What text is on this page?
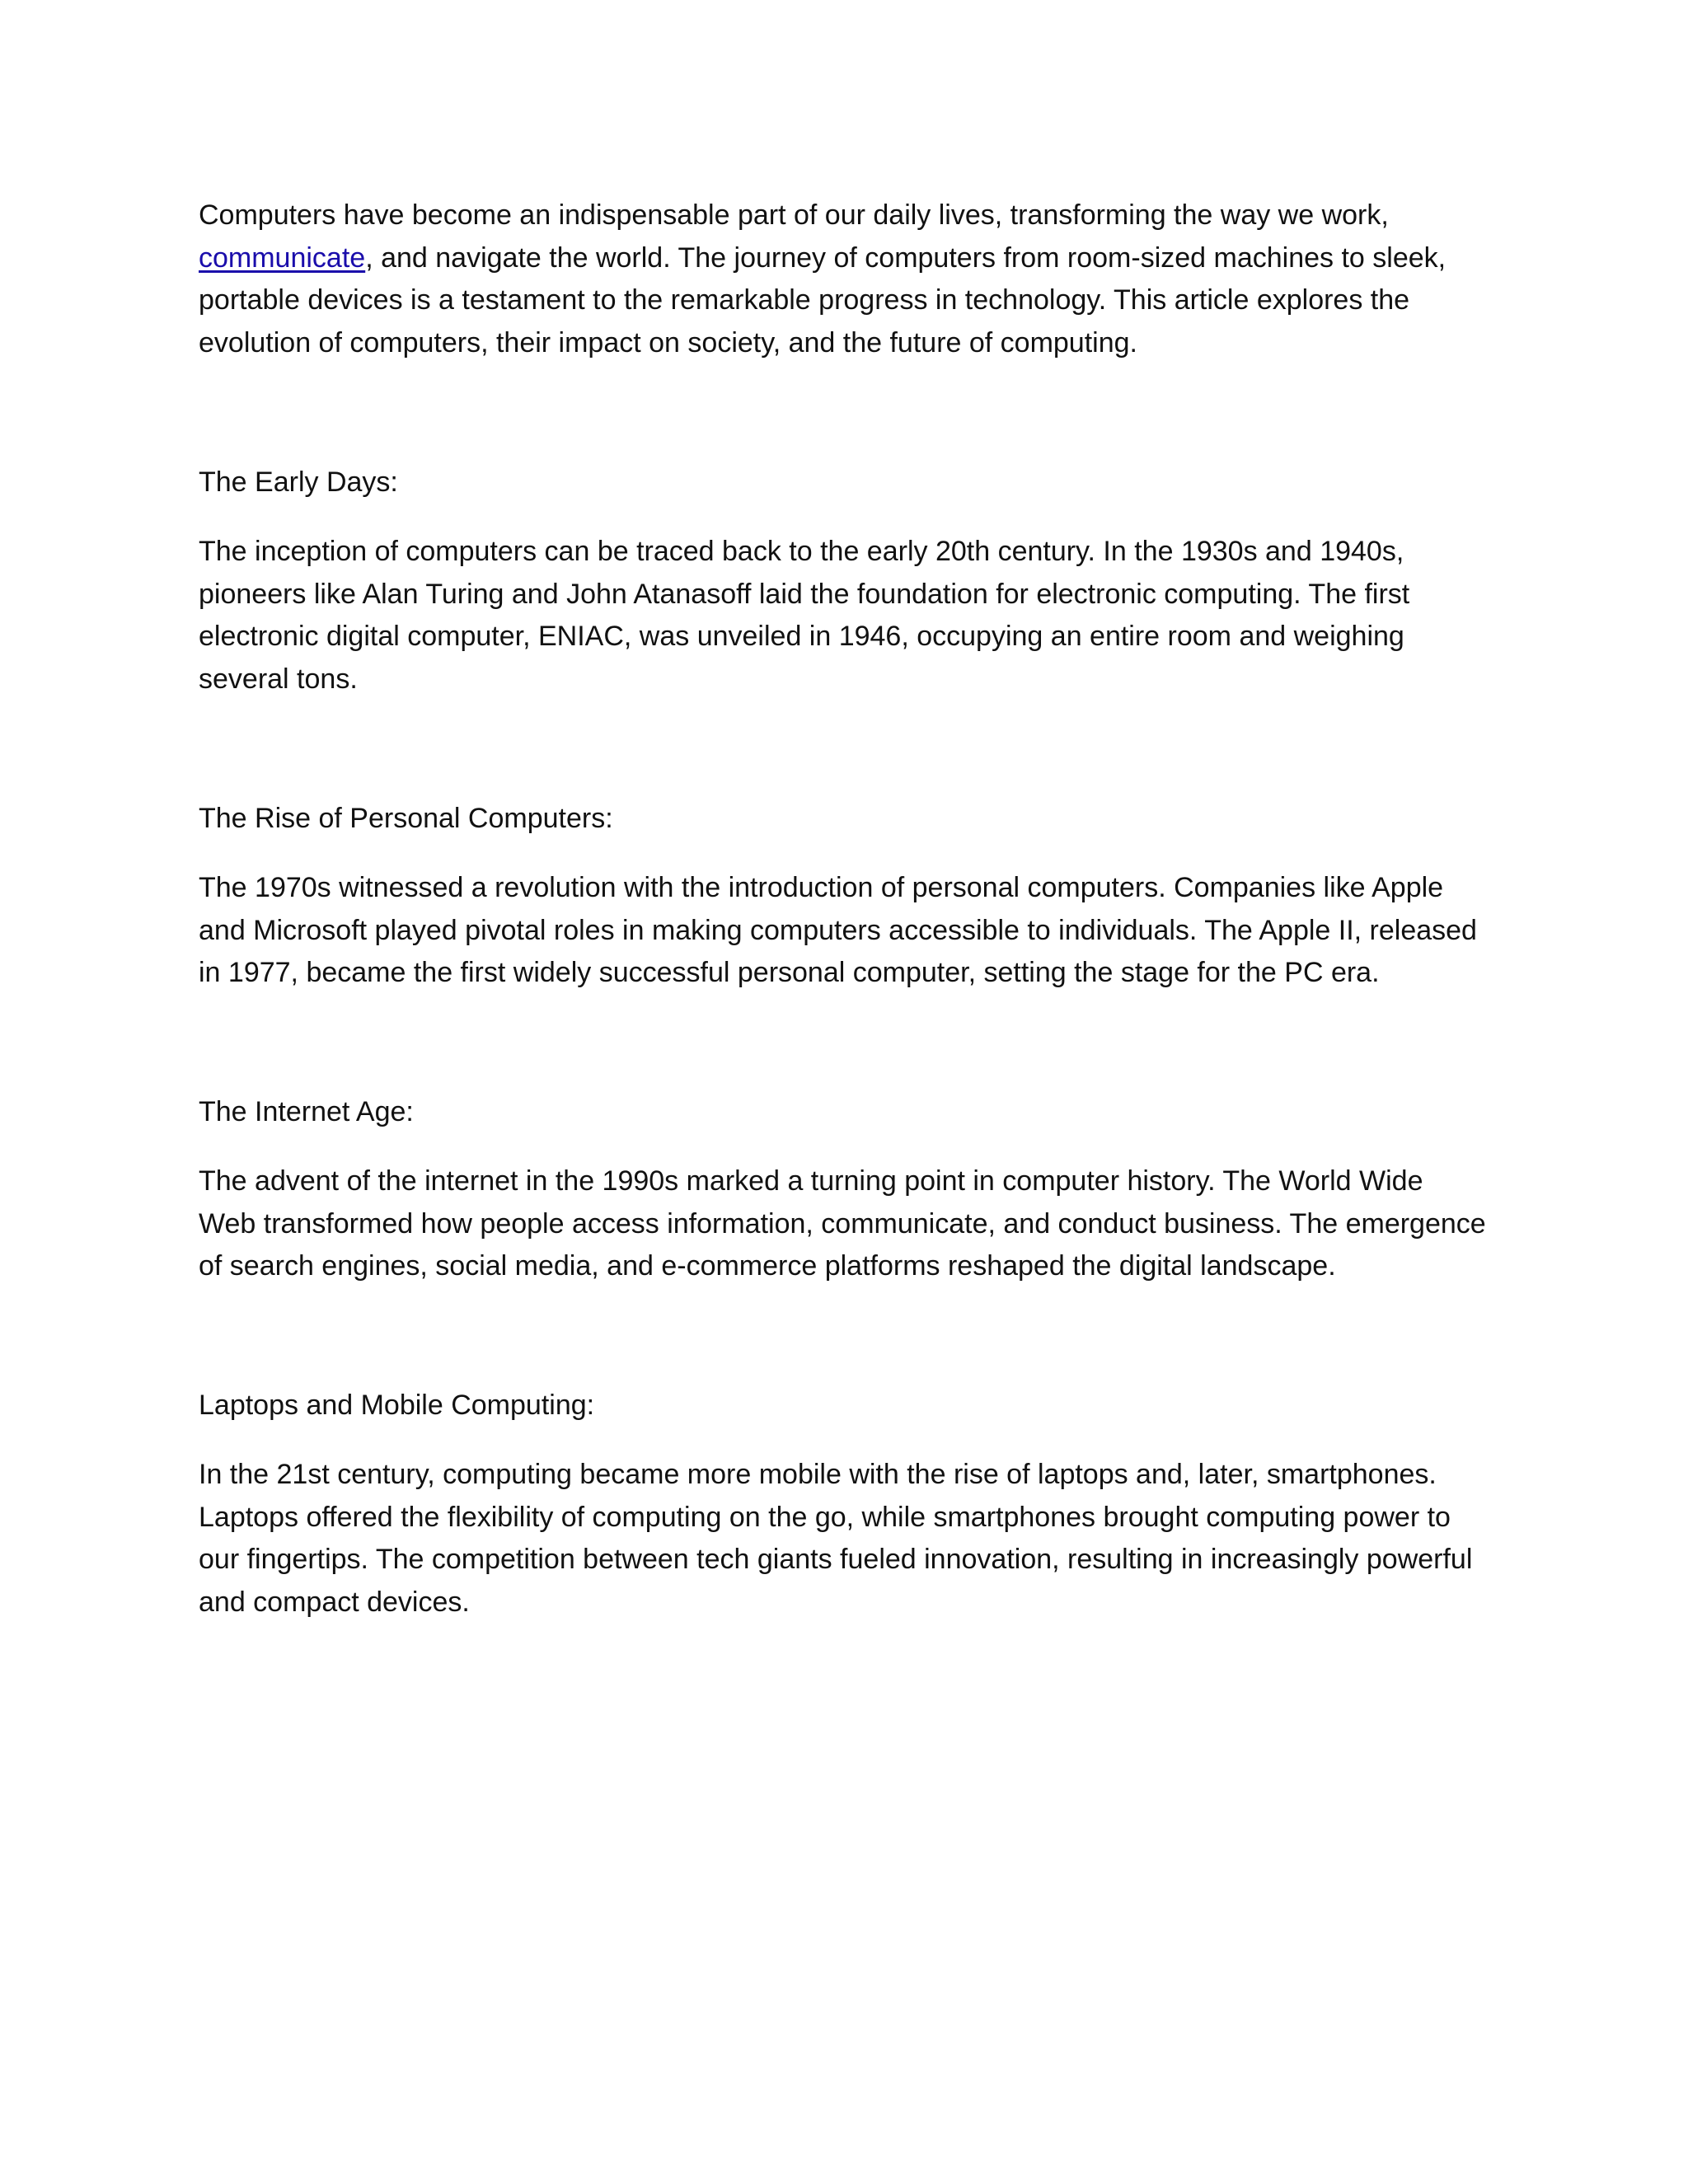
Computers have become an indispensable part of our daily lives, transforming the way we work,
communicate, and navigate the world. The journey of computers from room-sized machines to sleek,
portable devices is a testament to the remarkable progress in technology. This article explores the
evolution of computers, their impact on society, and the future of computing.

The Early Days:

The inception of computers can be traced back to the early 20th century. In the 1930s and 1940s,
pioneers like Alan Turing and John Atanasoff laid the foundation for electronic computing. The first
electronic digital computer, ENIAC, was unveiled in 1946, occupying an entire room and weighing
several tons.

The Rise of Personal Computers:

The 1970s witnessed a revolution with the introduction of personal computers. Companies like Apple
and Microsoft played pivotal roles in making computers accessible to individuals. The Apple II, released
in 1977, became the first widely successful personal computer, setting the stage for the PC era.

The Internet Age:

The advent of the internet in the 1990s marked a turning point in computer history. The World Wide
Web transformed how people access information, communicate, and conduct business. The emergence
of search engines, social media, and e-commerce platforms reshaped the digital landscape.

Laptops and Mobile Computing:

In the 21st century, computing became more mobile with the rise of laptops and, later, smartphones.
Laptops offered the flexibility of computing on the go, while smartphones brought computing power to
our fingertips. The competition between tech giants fueled innovation, resulting in increasingly powerful
and compact devices.
